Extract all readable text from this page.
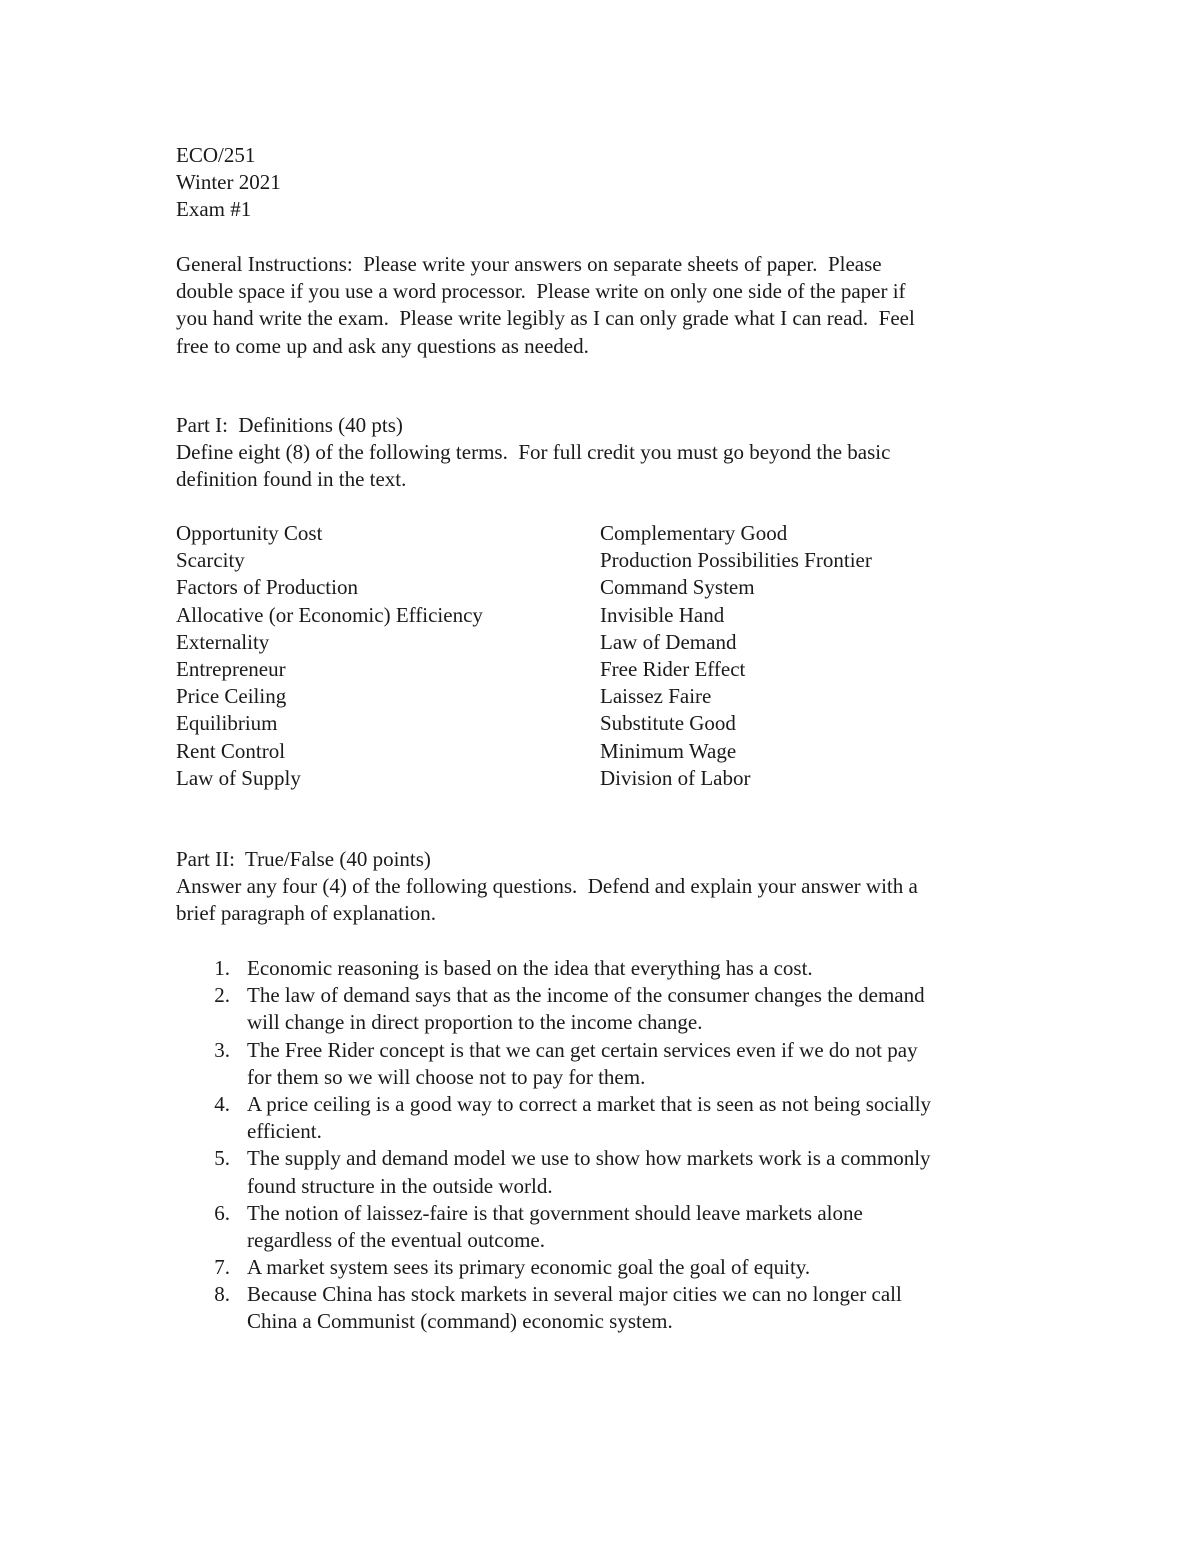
ECO/251
Winter 2021
Exam #1
General Instructions:  Please write your answers on separate sheets of paper.  Please
double space if you use a word processor.  Please write on only one side of the paper if
you hand write the exam.  Please write legibly as I can only grade what I can read.  Feel
free to come up and ask any questions as needed.
Part I:  Definitions (40 pts)
Define eight (8) of the following terms.  For full credit you must go beyond the basic
definition found in the text.
Opportunity Cost	Complementary Good
Scarcity	Production Possibilities Frontier
Factors of Production	Command System
Allocative (or Economic) Efficiency	Invisible Hand
Externality	Law of Demand
Entrepreneur	Free Rider Effect
Price Ceiling	Laissez Faire
Equilibrium	Substitute Good
Rent Control	Minimum Wage
Law of Supply	Division of Labor
Part II:  True/False (40 points)
Answer any four (4) of the following questions.  Defend and explain your answer with a
brief paragraph of explanation.
1. Economic reasoning is based on the idea that everything has a cost.
2. The law of demand says that as the income of the consumer changes the demand
will change in direct proportion to the income change.
3. The Free Rider concept is that we can get certain services even if we do not pay
for them so we will choose not to pay for them.
4. A price ceiling is a good way to correct a market that is seen as not being socially
efficient.
5. The supply and demand model we use to show how markets work is a commonly
found structure in the outside world.
6. The notion of laissez-faire is that government should leave markets alone
regardless of the eventual outcome.
7. A market system sees its primary economic goal the goal of equity.
8. Because China has stock markets in several major cities we can no longer call
China a Communist (command) economic system.
